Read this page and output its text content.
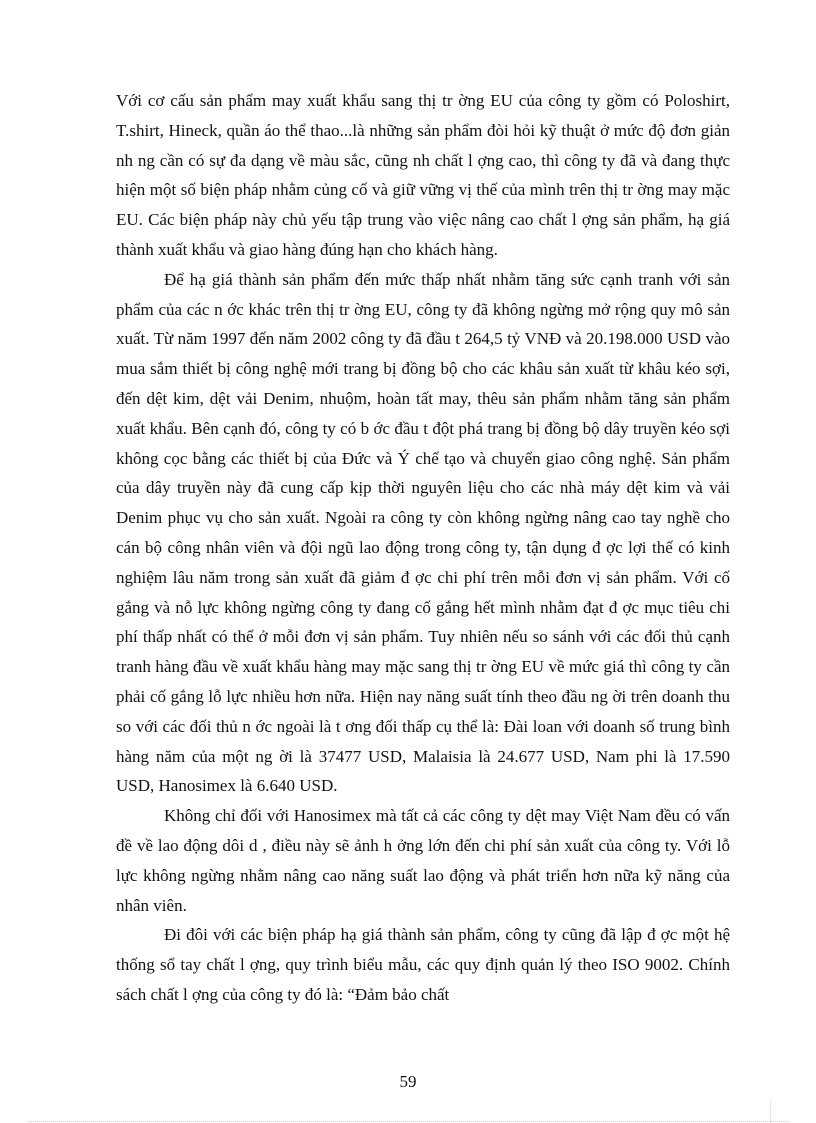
Với cơ cấu sản phẩm may xuất khẩu sang thị tr ờng EU của công ty gồm có Poloshirt, T.shirt, Hineck, quần áo thể thao...là những sản phẩm đòi hỏi kỹ thuật ở mức độ đơn giản nh ng cần có sự đa dạng về màu sắc, cũng nh chất l ợng cao, thì công ty đã và đang thực hiện một số biện pháp nhằm củng cố và giữ vững vị thế của mình trên thị tr ờng may mặc EU. Các biện pháp này chủ yếu tập trung vào việc nâng cao chất l ợng sản phẩm, hạ giá thành xuất khẩu và giao hàng đúng hạn cho khách hàng.

Để hạ giá thành sản phẩm đến mức thấp nhất nhằm tăng sức cạnh tranh với sản phẩm của các n ớc khác trên thị tr ờng EU, công ty đã không ngừng mở rộng quy mô sản xuất. Từ năm 1997 đến năm 2002 công ty đã đầu t 264,5 tỷ VNĐ và 20.198.000 USD vào mua sắm thiết bị công nghệ mới trang bị đồng bộ cho các khâu sản xuất từ khâu kéo sợi, đến dệt kim, dệt vải Denim, nhuộm, hoàn tất may, thêu sản phẩm nhằm tăng sản phẩm xuất khẩu. Bên cạnh đó, công ty có b ớc đầu t đột phá trang bị đồng bộ dây truyền kéo sợi không cọc bằng các thiết bị của Đức và Ý chế tạo và chuyển giao công nghệ. Sản phẩm của dây truyền này đã cung cấp kịp thời nguyên liệu cho các nhà máy dệt kim và vải Denim phục vụ cho sản xuất. Ngoài ra công ty còn không ngừng nâng cao tay nghề cho cán bộ công nhân viên và đội ngũ lao động trong công ty, tận dụng đ ợc lợi thế có kinh nghiệm lâu năm trong sản xuất đã giảm đ ợc chi phí trên mỗi đơn vị sản phẩm. Với cố gắng và nỗ lực không ngừng công ty đang cố gắng hết mình nhằm đạt đ ợc mục tiêu chi phí thấp nhất có thể ở mỗi đơn vị sản phẩm. Tuy nhiên nếu so sánh với các đối thủ cạnh tranh hàng đầu về xuất khẩu hàng may mặc sang thị tr ờng EU về mức giá thì công ty cần phải cố gắng lỗ lực nhiều hơn nữa. Hiện nay năng suất tính theo đầu ng ời trên doanh thu so với các đối thủ n ớc ngoài là t ơng đối thấp cụ thể là: Đài loan với doanh số trung bình hàng năm của một ng ời là 37477 USD, Malaisia là 24.677 USD, Nam phi là 17.590 USD, Hanosimex là 6.640 USD.

Không chỉ đối với Hanosimex mà tất cả các công ty dệt may Việt Nam đều có vấn đề về lao động dôi d , điều này sẽ ảnh h ởng lớn đến chi phí sản xuất của công ty. Với lỗ lực không ngừng nhằm nâng cao năng suất lao động và phát triển hơn nữa kỹ năng của nhân viên.

Đi đôi với các biện pháp hạ giá thành sản phẩm, công ty cũng đã lập đ ợc một hệ thống sổ tay chất l ợng, quy trình biểu mẫu, các quy định quản lý theo ISO 9002. Chính sách chất l ợng của công ty đó là: “Đảm bảo chất

59
